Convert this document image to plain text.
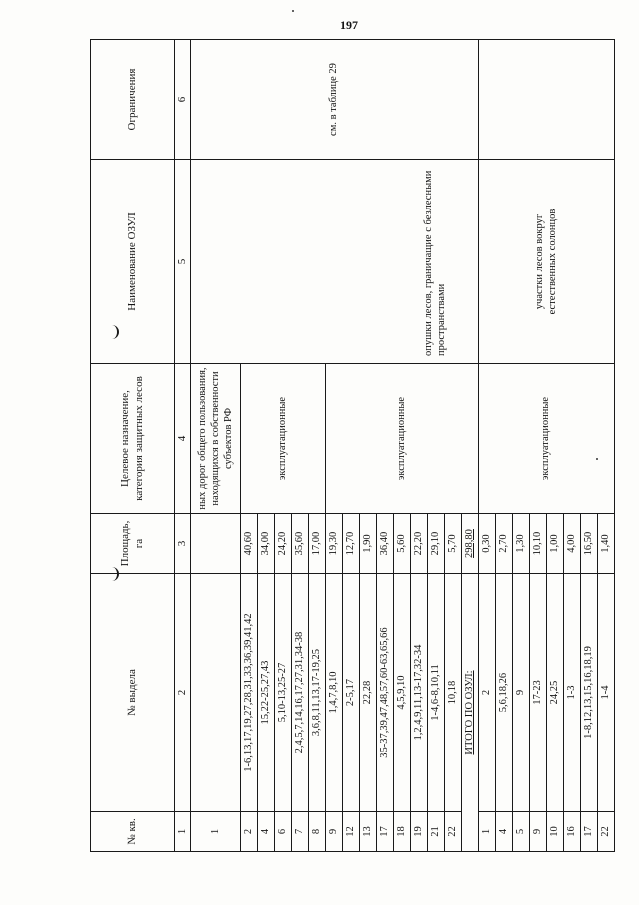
197
№ кв.	№ выдела	Площадь, га	Целевое назначение, категория защитных лесов	Наименование ОЗУЛ	Ограничения
1	2	3	4	5	6
1			ных дорог общего пользования, находящихся в собственности субъектов РФ	опушки лесов, граничащие с безлесными пространствами	см. в таблице 29
2	1-6,13,17,19,27,28,31,33,36,39,41,42	40,60	эксплуатационные		
4	15,22-25,27,43	34,00			
6	5,10-13,25-27	24,20			
7	2,4,5,7,14,16,17,27,31,34-38	35,60			
8	3,6,8,11,13,17-19,25	17,00			
9	1,4,7,8,10	19,30	эксплуатационные		
12	2-5,17	12,70			
13	22,28	1,90			
17	35-37,39,47,48,57,60-63,65,66	36,40			
18	4,5,9,10	5,60			
19	1,2,4,9,11,13-17,32-34	22,20			
21	1-4,6-8,10,11	29,10			
22	10,18	5,70			
ИТОГО ПО ОЗУЛ:		298,80			
1	2	0,30	эксплуатационные	участки лесов вокруг естественных солонцов	

4	5,6,18,26	2,70			
5	9	1,30			
9	17-23	10,10			
10	24,25	1,00			
16	1-3	4,00			
17	1-8,12,13,15,16,18,19	16,50			
22	1-4	1,40			
